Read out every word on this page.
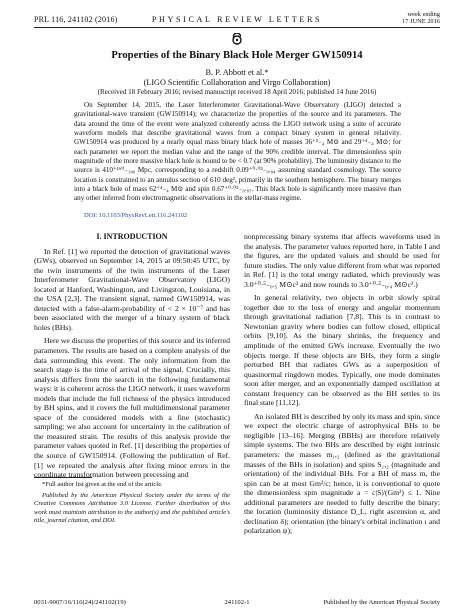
PRL 116, 241102 (2016)	PHYSICAL REVIEW LETTERS
week ending
17 JUNE 2016
Properties of the Binary Black Hole Merger GW150914
B. P. Abbott et al.*
(LIGO Scientific Collaboration and Virgo Collaboration)
(Received 18 February 2016; revised manuscript received 18 April 2016; published 14 June 2016)

On September 14, 2015, the Laser Interferometer Gravitational-Wave Observatory (LIGO) detected a gravitational-wave transient (GW150914); we characterize the properties of the source and its parameters. The data around the time of the event were analyzed coherently across the LIGO network using a suite of accurate waveform models that describe gravitational waves from a compact binary system in general relativity. GW150914 was produced by a nearly equal mass binary black hole of masses 36⁺⁵₋₄ M⊙ and 29⁺⁴₋₄ M⊙; for each parameter we report the median value and the range of the 90% credible interval. The dimensionless spin magnitude of the more massive black hole is bound to be < 0.7 (at 90% probability). The luminosity distance to the source is 410⁺¹⁶⁰₋₁₈₀ Mpc, corresponding to a redshift 0.09⁺⁰·⁰³₋₀.₀₄ assuming standard cosmology. The source location is constrained to an annulus section of 610 deg², primarily in the southern hemisphere. The binary merges into a black hole of mass 62⁺⁴₋₄ M⊙ and spin 0.67⁺⁰·⁰⁵₋₀.₀₇. This black hole is significantly more massive than any other inferred from electromagnetic observations in the stellar-mass regime.

DOI: 10.1103/PhysRevLett.116.241102
I. INTRODUCTION

In Ref. [1] we reported the detection of gravitational waves (GWs), observed on September 14, 2015 at 09:50:45 UTC, by the twin instruments of the twin instruments of the Laser Interferometer Gravitational-Wave Observatory (LIGO) located at Hanford, Washington, and Livingston, Louisiana, in the USA [2,3]. The transient signal, named GW150914, was detected with a false-alarm-probability of < 2 × 10⁻⁷ and has been associated with the merger of a binary system of black holes (BHs).

Here we discuss the properties of this source and its inferred parameters. The results are based on a complete analysis of the data surrounding this event. The only information from the search stage is the time of arrival of the signal. Crucially, this analysis differs from the search in the following fundamental ways: it is coherent across the LIGO network, it uses waveform models that include the full richness of the physics introduced by BH spins, and it covers the full multidimensional parameter space of the considered models with a fine (stochastic) sampling; we also account for uncertainty in the calibration of the measured strain. The results of this analysis provide the parameter values quoted in Ref. [1] describing the properties of the source of GW150914. (Following the publication of Ref. [1] we repeated the analysis after fixing minor errors in the coordinate transformation between precessing and

nonprecessing binary systems that affects waveforms used in the analysis. The parameter values reported here, in Table I and the figures, are the updated values and should be used for future studies. The only value different from what was reported in Ref. [1] is the total energy radiated, which previously was 3.0⁺⁰·⁵₋₀.₅ M⊙c² and now rounds to 3.0⁺⁰·⁵₋₀.₄ M⊙c².)

In general relativity, two objects in orbit slowly spiral together due to the loss of energy and angular momentum through gravitational radiation [7,8]. This is in contrast to Newtonian gravity where bodies can follow closed, elliptical orbits [9,10]. As the binary shrinks, the frequency and amplitude of the emitted GWs increase. Eventually the two objects merge. If these objects are BHs, they form a single perturbed BH that radiates GWs as a superposition of quasinormal ringdown modes. Typically, one mode dominates soon after merger, and an exponentially damped oscillation at constant frequency can be observed as the BH settles to its final state [11,12].

An isolated BH is described by only its mass and spin, since we expect the electric charge of astrophysical BHs to be negligible [13–16]. Merging (BBHs) are therefore relatively simple systems. The two BHs are described by eight intrinsic parameters: the masses m₁,₂ (defined as the gravitational masses of the BHs in isolation) and spins S₁,₂ (magnitude and orientation) of the individual BHs. For a BH of mass m, the spin can be at most Gm²/c; hence, it is conventional to quote the dimensionless spin magnitude a = c|S|/(Gm²) ≤ 1. Nine additional parameters are needed to fully describe the binary: the location (luminosity distance D_L, right ascension α, and declination δ); orientation (the binary's orbital inclination ι and polarization ψ);

*Full author list given at the end of the article.

Published by the American Physical Society under the terms of the Creative Commons Attribution 3.0 License. Further distribution of this work must maintain attribution to the author(s) and the published article's title, journal citation, and DOI.

0031-9007/16/116(24)/241102(19)	241102-1	Published by the American Physical Society
